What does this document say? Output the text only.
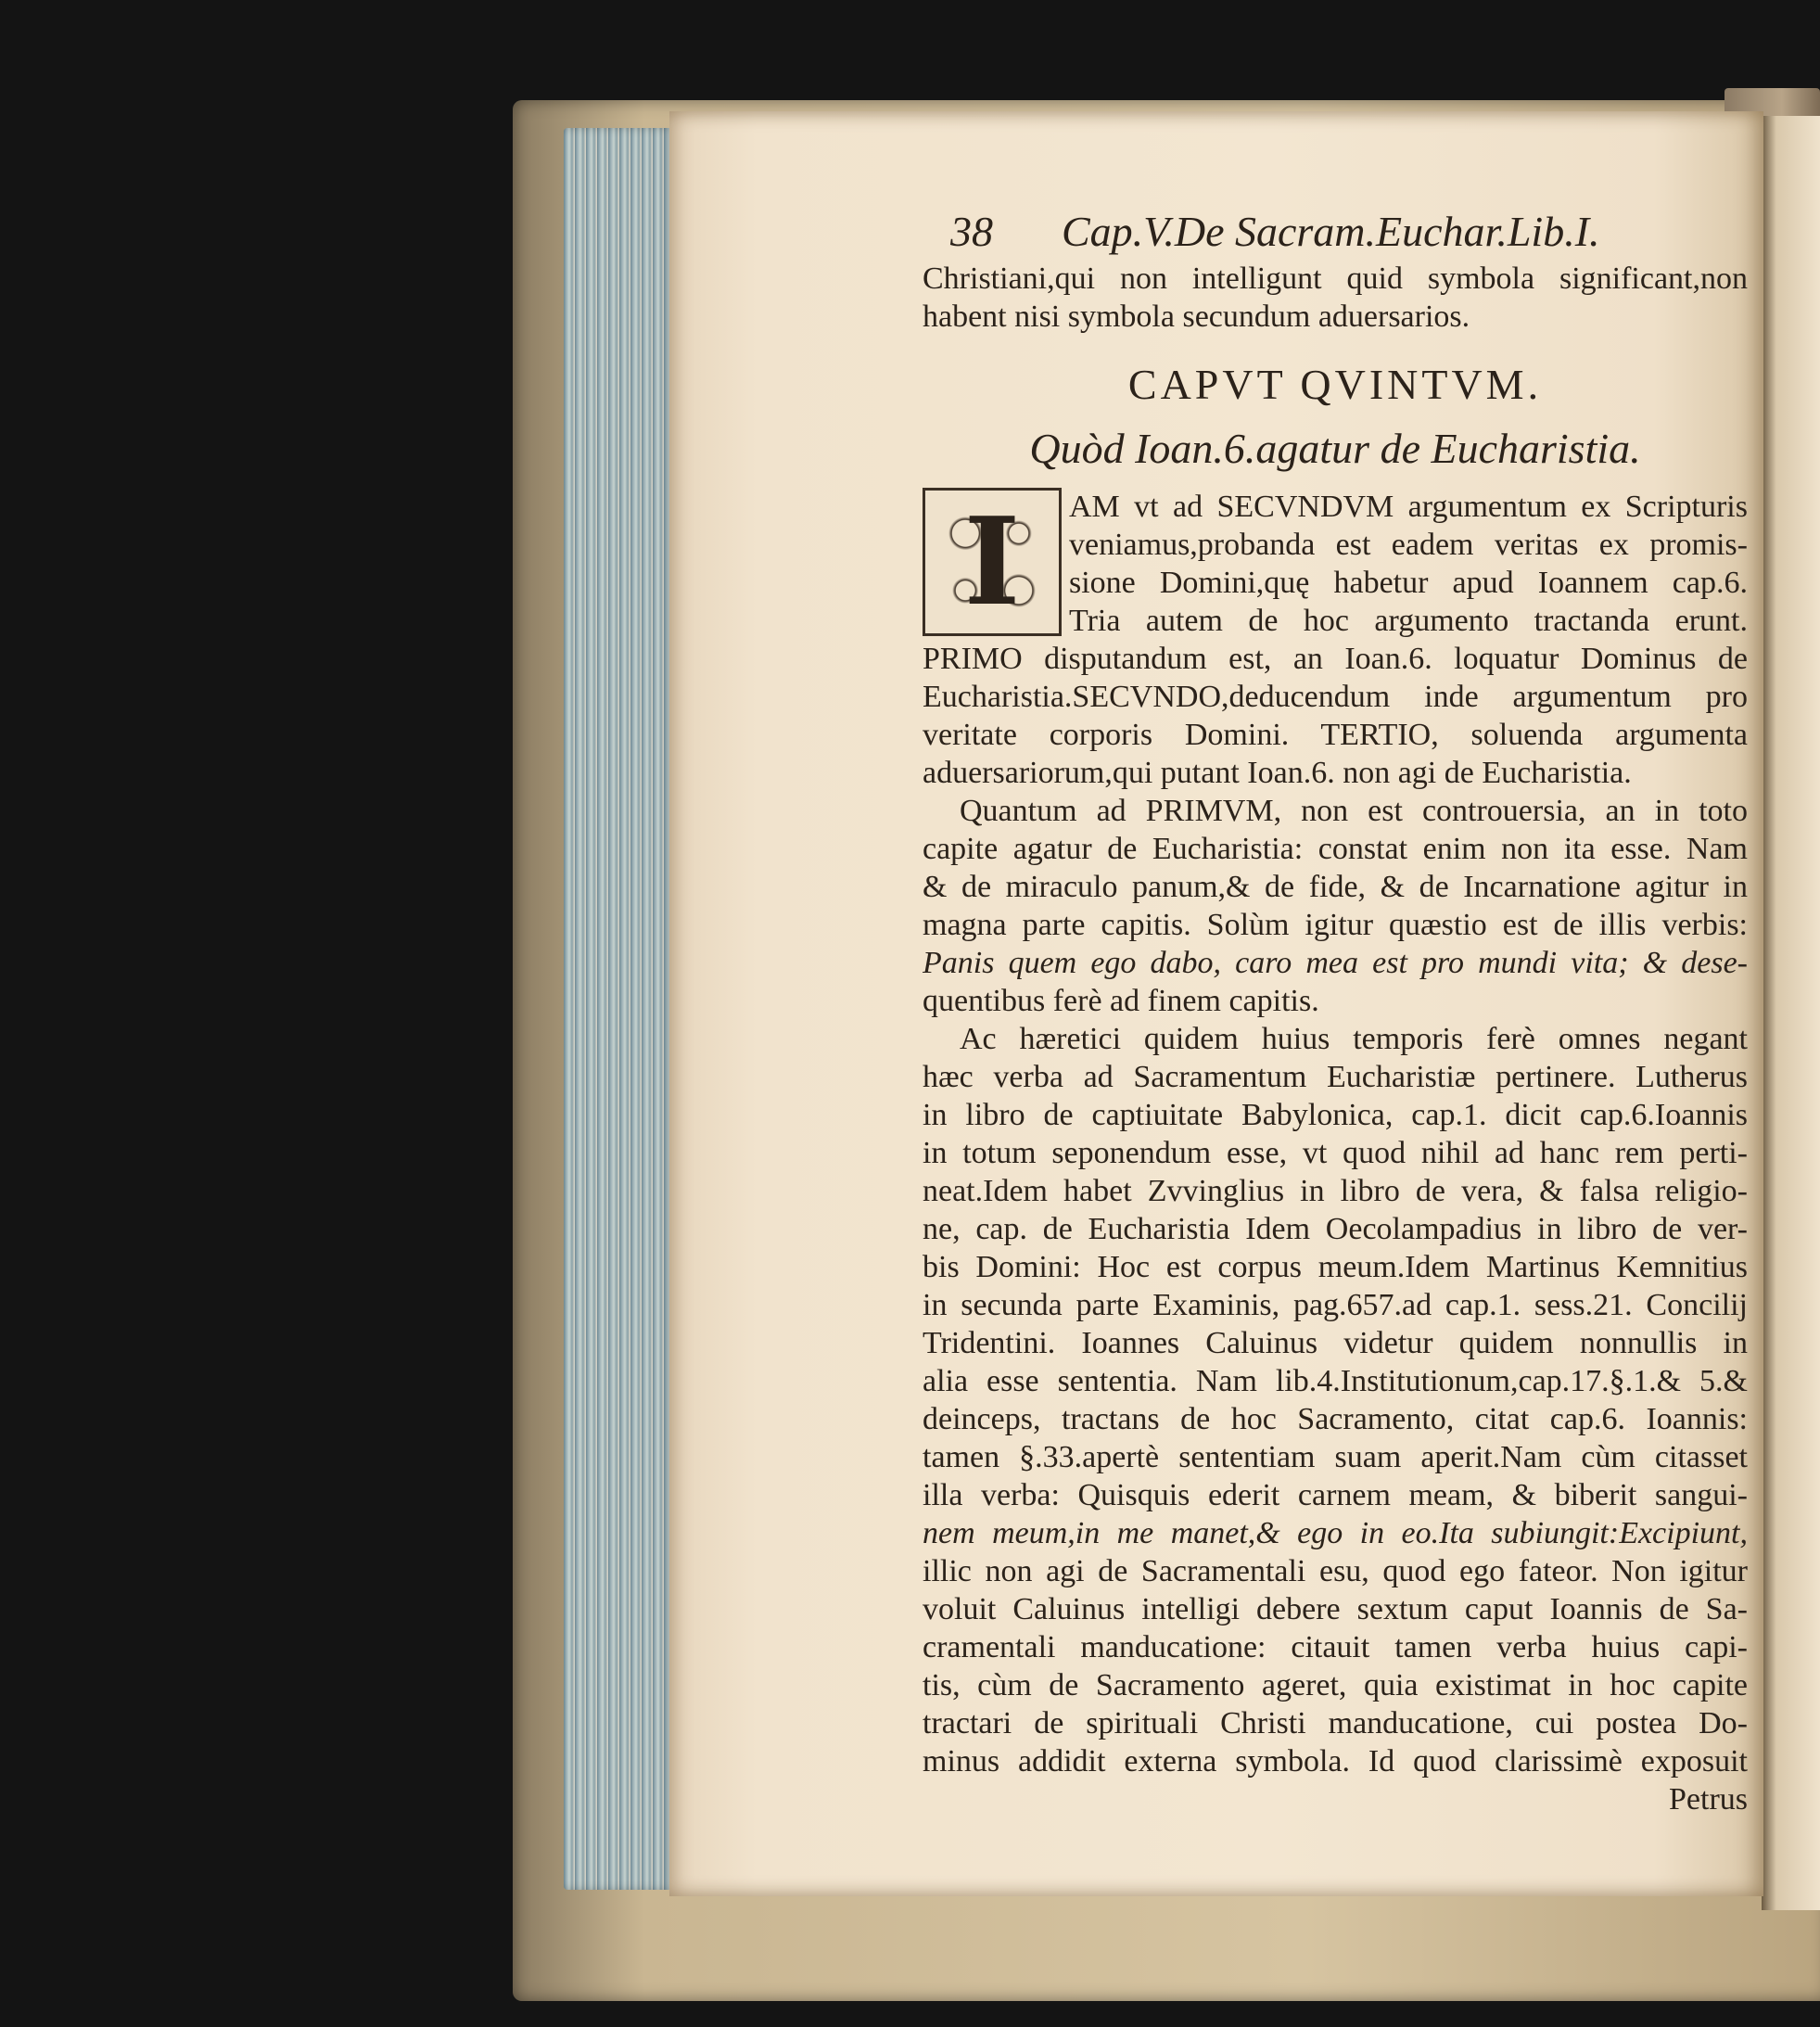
38	Cap.V.De Sacram.Euchar.Lib.I.
Christiani,qui non intelligunt quid symbola significant,non
habent nisi symbola secundum aduersarios.
CAPVT QVINTVM.
Quòd Ioan.6.agatur de Eucharistia.
I AM vt ad SECVNDVM argumentum ex Scripturis
veniamus,probanda est eadem veritas ex promis-
sione Domini,quę habetur apud Ioannem cap.6.
Tria autem de hoc argumento tractanda erunt.
PRIMO disputandum est, an Ioan.6. loquatur Dominus de
Eucharistia.SECVNDO,deducendum inde argumentum pro
veritate corporis Domini. TERTIO, soluenda argumenta
aduersariorum,qui putant Ioan.6. non agi de Eucharistia.
Quantum ad PRIMVM, non est controuersia, an in toto
capite agatur de Eucharistia: constat enim non ita esse. Nam
& de miraculo panum,& de fide, & de Incarnatione agitur in
magna parte capitis. Solùm igitur quæstio est de illis verbis:
Panis quem ego dabo, caro mea est pro mundi vita; & dese-
quentibus ferè ad finem capitis.
Ac hæretici quidem huius temporis ferè omnes negant
hæc verba ad Sacramentum Eucharistiæ pertinere. Lutherus
in libro de captiuitate Babylonica, cap.1. dicit cap.6.Ioannis
in totum seponendum esse, vt quod nihil ad hanc rem perti-
neat.Idem habet Zvvinglius in libro de vera, & falsa religio-
ne, cap. de Eucharistia Idem Oecolampadius in libro de ver-
bis Domini: Hoc est corpus meum.Idem Martinus Kemnitius
in secunda parte Examinis, pag.657.ad cap.1. sess.21. Concilij
Tridentini. Ioannes Caluinus videtur quidem nonnullis in
alia esse sententia. Nam lib.4.Institutionum,cap.17.§.1.& 5.&
deinceps, tractans de hoc Sacramento, citat cap.6. Ioannis:
tamen §.33.apertè sententiam suam aperit.Nam cùm citasset
illa verba: Quisquis ederit carnem meam, & biberit sangui-
nem meum,in me manet,& ego in eo.Ita subiungit:Excipiunt,
illic non agi de Sacramentali esu, quod ego fateor. Non igitur
voluit Caluinus intelligi debere sextum caput Ioannis de Sa-
cramentali manducatione: citauit tamen verba huius capi-
tis, cùm de Sacramento ageret, quia existimat in hoc capite
tractari de spirituali Christi manducatione, cui postea Do-
minus addidit externa symbola. Id quod clarissimè exposuit
Petrus
